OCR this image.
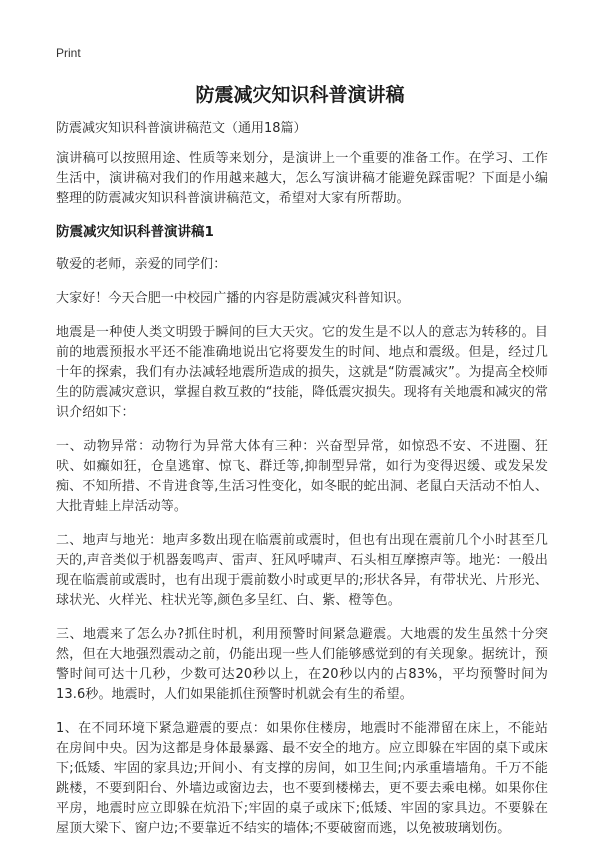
Print
防震减灾知识科普演讲稿

防震减灾知识科普演讲稿范文（通用18篇）

演讲稿可以按照用途、性质等来划分，是演讲上一个重要的准备工作。在学习、工作生活中，演讲稿对我们的作用越来越大，怎么写演讲稿才能避免踩雷呢？下面是小编整理的防震减灾知识科普演讲稿范文，希望对大家有所帮助。

防震减灾知识科普演讲稿1

敬爱的老师，亲爱的同学们：

大家好！今天合肥一中校园广播的内容是防震减灾科普知识。

地震是一种使人类文明毁于瞬间的巨大天灾。它的发生是不以人的意志为转移的。目前的地震预报水平还不能准确地说出它将要发生的时间、地点和震级。但是，经过几十年的探索，我们有办法减轻地震所造成的损失，这就是“防震减灾”。为提高全校师生的防震减灾意识，掌握自救互救的“技能，降低震灾损失。现将有关地震和减灾的常识介绍如下：

一、动物异常：动物行为异常大体有三种：兴奋型异常，如惊恐不安、不进圈、狂吠、如癫如狂，仓皇逃窜、惊飞、群迁等,抑制型异常，如行为变得迟缓、或发呆发痴、不知所措、不肯进食等,生活习性变化，如冬眠的蛇出洞、老鼠白天活动不怕人、大批青蛙上岸活动等。

二、地声与地光：地声多数出现在临震前或震时，但也有出现在震前几个小时甚至几天的,声音类似于机器轰鸣声、雷声、狂风呼啸声、石头相互摩擦声等。地光：一般出现在临震前或震时，也有出现于震前数小时或更早的;形状各异，有带状光、片形光、球状光、火样光、柱状光等,颜色多呈红、白、紫、橙等色。

三、地震来了怎么办?抓住时机，利用预警时间紧急避震。大地震的发生虽然十分突然，但在大地强烈震动之前，仍能出现一些人们能够感觉到的有关现象。据统计，预警时间可达十几秒，少数可达20秒以上，在20秒以内的占83%，平均预警时间为13.6秒。地震时，人们如果能抓住预警时机就会有生的希望。

1、在不同环境下紧急避震的要点：如果你住楼房，地震时不能滞留在床上，不能站在房间中央。因为这都是身体最暴露、最不安全的地方。应立即躲在牢固的桌下或床下;低矮、牢固的家具边;开间小、有支撑的房间，如卫生间;内承重墙墙角。千万不能跳楼，不要到阳台、外墙边或窗边去，也不要到楼梯去，更不要去乘电梯。如果你住平房，地震时应立即躲在炕沿下;牢固的桌子或床下;低矮、牢固的家具边。不要躲在屋顶大梁下、窗户边;不要靠近不结实的墙体;不要破窗而逃，以免被玻璃划伤。
